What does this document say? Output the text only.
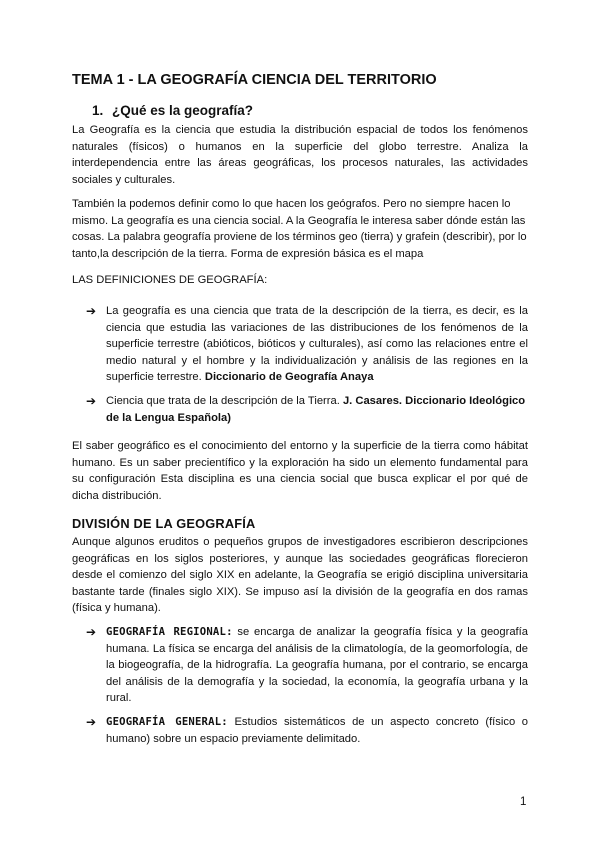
TEMA 1 - LA GEOGRAFÍA CIENCIA DEL TERRITORIO
1. ¿Qué es la geografía?

La Geografía es la ciencia que estudia la distribución espacial de todos los fenómenos naturales (físicos) o humanos en la superficie del globo terrestre. Analiza la interdependencia entre las áreas geográficas, los procesos naturales, las actividades sociales y culturales.

También la podemos definir como lo que hacen los geógrafos. Pero no siempre hacen lo mismo. La geografía es una ciencia social. A la Geografía le interesa saber dónde están las cosas. La palabra geografía proviene de los términos geo (tierra) y grafein (describir), por lo tanto,la descripción de la tierra. Forma de expresión básica es el mapa

LAS DEFINICIONES DE GEOGRAFÍA:

➔ La geografía es una ciencia que trata de la descripción de la tierra, es decir, es la ciencia que estudia las variaciones de las distribuciones de los fenómenos de la superficie terrestre (abióticos, bióticos y culturales), así como las relaciones entre el medio natural y el hombre y la individualización y análisis de las regiones en la superficie terrestre. Diccionario de Geografía Anaya
➔ Ciencia que trata de la descripción de la Tierra. J. Casares. Diccionario Ideológico de la Lengua Española)

El saber geográfico es el conocimiento del entorno y la superficie de la tierra como hábitat humano. Es un saber precientífico y la exploración ha sido un elemento fundamental para su configuración Esta disciplina es una ciencia social que busca explicar el por qué de dicha distribución.

DIVISIÓN DE LA GEOGRAFÍA

Aunque algunos eruditos o pequeños grupos de investigadores escribieron descripciones geográficas en los siglos posteriores, y aunque las sociedades geográficas florecieron desde el comienzo del siglo XIX en adelante, la Geografía se erigió disciplina universitaria bastante tarde (finales siglo XIX). Se impuso así la división de la geografía en dos ramas (física y humana).

➔ GEOGRAFÍA REGIONAL: se encarga de analizar la geografía física y la geografía humana. La física se encarga del análisis de la climatología, de la geomorfología, de la biogeografía, de la hidrografía. La geografía humana, por el contrario, se encarga del análisis de la demografía y la sociedad, la economía, la geografía urbana y la rural.
➔ GEOGRAFÍA GENERAL: Estudios sistemáticos de un aspecto concreto (físico o humano) sobre un espacio previamente delimitado.
1
